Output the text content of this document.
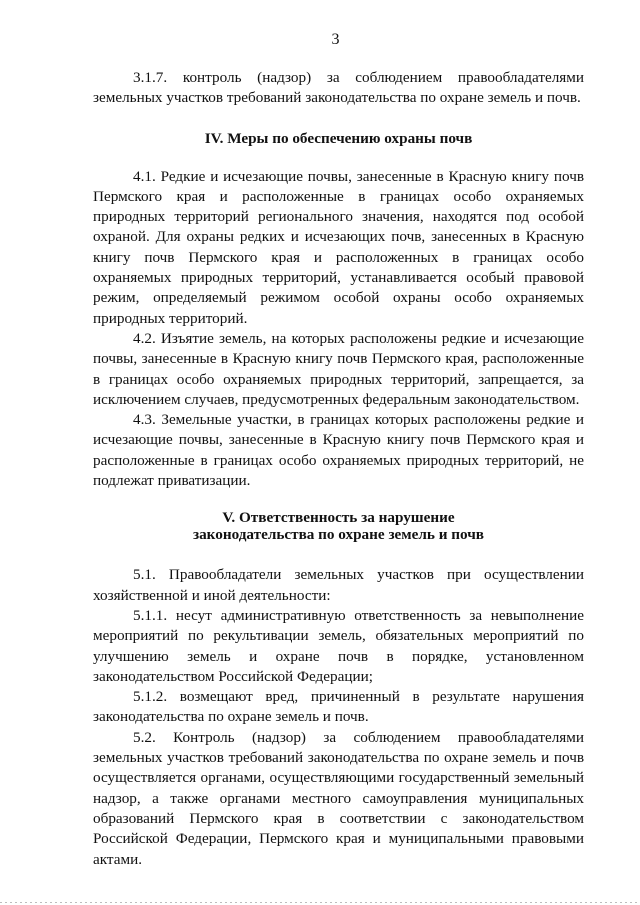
3

3.1.7. контроль (надзор) за соблюдением правообладателями земельных участков требований законодательства по охране земель и почв.

IV. Меры по обеспечению охраны почв

4.1. Редкие и исчезающие почвы, занесенные в Красную книгу почв Пермского края и расположенные в границах особо охраняемых природных территорий регионального значения, находятся под особой охраной. Для охраны редких и исчезающих почв, занесенных в Красную книгу почв Пермского края и расположенных в границах особо охраняемых природных территорий, устанавливается особый правовой режим, определяемый режимом особой охраны особо охраняемых природных территорий.

4.2. Изъятие земель, на которых расположены редкие и исчезающие почвы, занесенные в Красную книгу почв Пермского края, расположенные в границах особо охраняемых природных территорий, запрещается, за исключением случаев, предусмотренных федеральным законодательством.

4.3. Земельные участки, в границах которых расположены редкие и исчезающие почвы, занесенные в Красную книгу почв Пермского края и расположенные в границах особо охраняемых природных территорий, не подлежат приватизации.

V. Ответственность за нарушение
законодательства по охране земель и почв

5.1. Правообладатели земельных участков при осуществлении хозяйственной и иной деятельности:

5.1.1. несут административную ответственность за невыполнение мероприятий по рекультивации земель, обязательных мероприятий по улучшению земель и охране почв в порядке, установленном законодательством Российской Федерации;

5.1.2. возмещают вред, причиненный в результате нарушения законодательства по охране земель и почв.

5.2. Контроль (надзор) за соблюдением правообладателями земельных участков требований законодательства по охране земель и почв осуществляется органами, осуществляющими государственный земельный надзор, а также органами местного самоуправления муниципальных образований Пермского края в соответствии с законодательством Российской Федерации, Пермского края и муниципальными правовыми актами.
